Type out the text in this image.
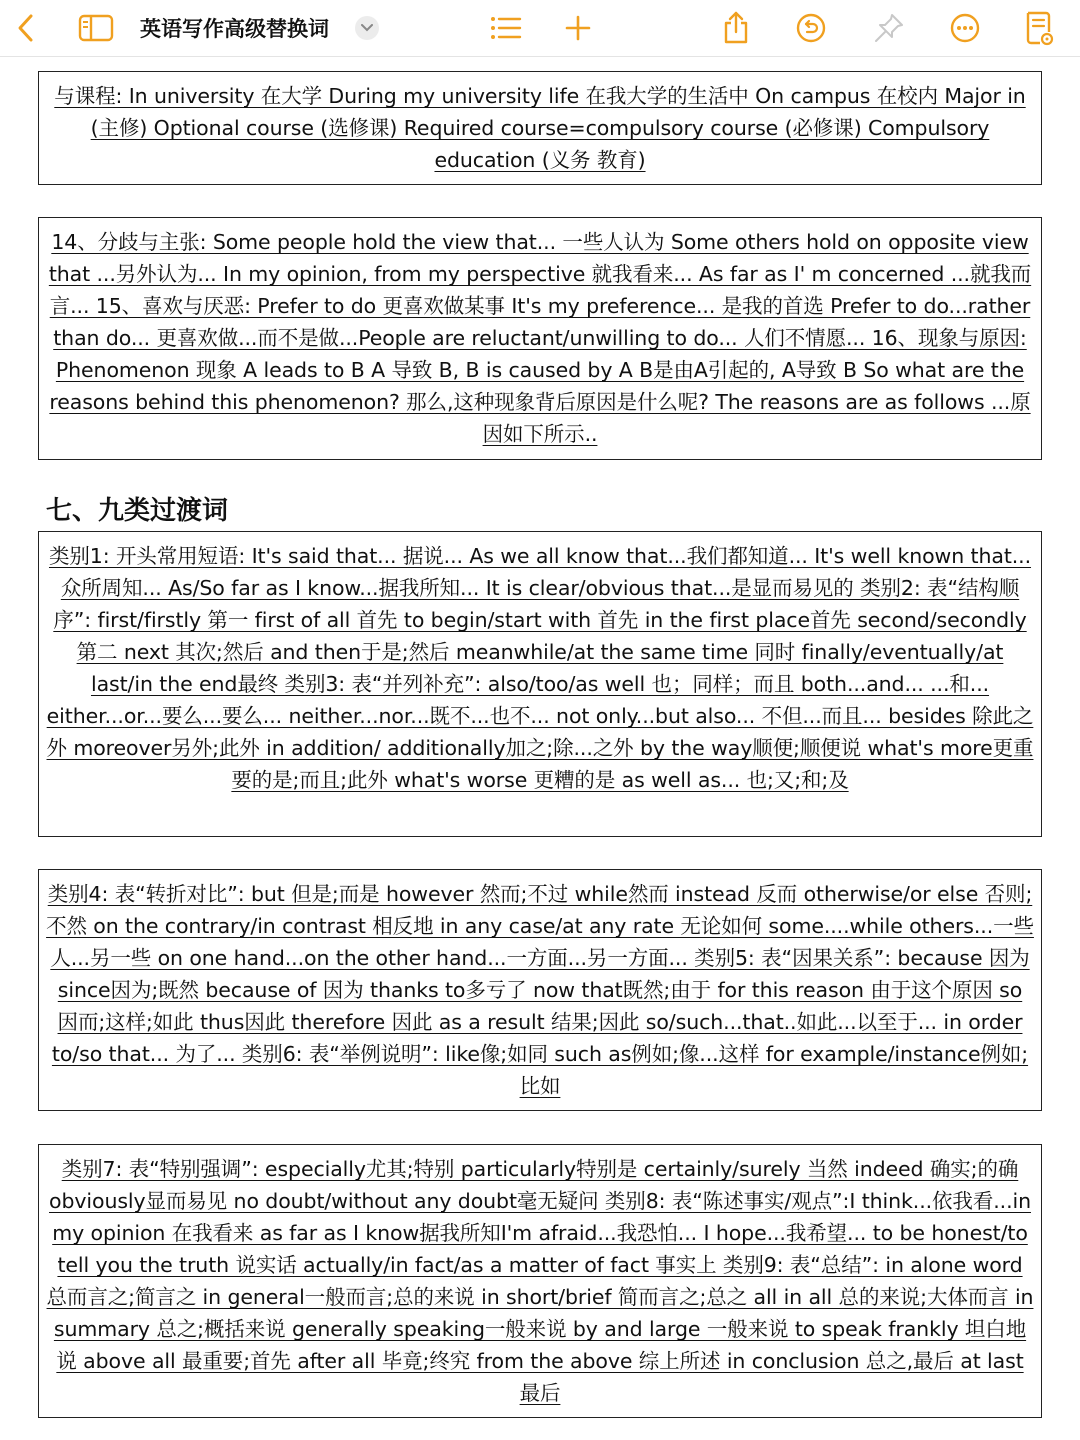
英语写作高级替换词

与课程: In university 在大学 During my university life 在我大学的生活中 On campus 在校内 Major in (主修) Optional course (选修课) Required course=compulsory course (必修课) Compulsory education (义务 教育)

14、分歧与主张: Some people hold the view that... 一些人认为 Some others hold on opposite view that ...另外认为... In my opinion, from my perspective 就我看来... As far as I' m concerned ...就我而言... 15、喜欢与厌恶: Prefer to do 更喜欢做某事 It's my preference... 是我的首选 Prefer to do...rather than do... 更喜欢做...而不是做...People are reluctant/unwilling to do... 人们不情愿... 16、现象与原因: Phenomenon 现象 A leads to B A 导致 B, B is caused by A B是由A引起的, A导致 B So what are the reasons behind this phenomenon? 那么,这种现象背后原因是什么呢? The reasons are as follows ...原因如下所示..

七、九类过渡词

类别1: 开头常用短语: It's said that... 据说... As we all know that...我们都知道... It's well known that... 众所周知... As/So far as I know...据我所知... It is clear/obvious that...是显而易见的 类别2: 表“结构顺序”: first/firstly 第一 first of all 首先 to begin/start with 首先 in the first place首先 second/secondly第二 next 其次;然后 and then于是;然后 meanwhile/at the same time 同时 finally/eventually/at last/in the end最终 类别3: 表“并列补充”: also/too/as well 也；同样；而且 both...and... ...和... either...or...要么...要么... neither...nor...既不...也不... not only...but also... 不但...而且... besides 除此之外 moreover另外;此外 in addition/ additionally加之;除...之外 by the way顺便;顺便说 what's more更重要的是;而且;此外 what's worse 更糟的是 as well as... 也;又;和;及

类别4: 表“转折对比”: but 但是;而是 however 然而;不过 while然而 instead 反而 otherwise/or else 否则;不然 on the contrary/in contrast 相反地 in any case/at any rate 无论如何 some....while others...一些人...另一些 on one hand...on the other hand...一方面...另一方面... 类别5: 表“因果关系”: because 因为 since因为;既然 because of 因为 thanks to多亏了 now that既然;由于 for this reason 由于这个原因 so 因而;这样;如此 thus因此 therefore 因此 as a result 结果;因此 so/such...that..如此...以至于... in order to/so that... 为了... 类别6: 表“举例说明”: like像;如同 such as例如;像...这样 for example/instance例如;比如

类别7: 表“特别强调”: especially尤其;特别 particularly特别是 certainly/surely 当然 indeed 确实;的确 obviously显而易见 no doubt/without any doubt毫无疑问 类别8: 表“陈述事实/观点”:I think...依我看...in my opinion 在我看来 as far as I know据我所知I'm afraid...我恐怕... I hope...我希望... to be honest/to tell you the truth 说实话 actually/in fact/as a matter of fact 事实上 类别9: 表“总结”: in alone word 总而言之;简言之 in general一般而言;总的来说 in short/brief 简而言之;总之 all in all 总的来说;大体而言 in summary 总之;概括来说 generally speaking一般来说 by and large 一般来说 to speak frankly 坦白地说 above all 最重要;首先 after all 毕竟;终究 from the above 综上所述 in conclusion 总之,最后 at last 最后
